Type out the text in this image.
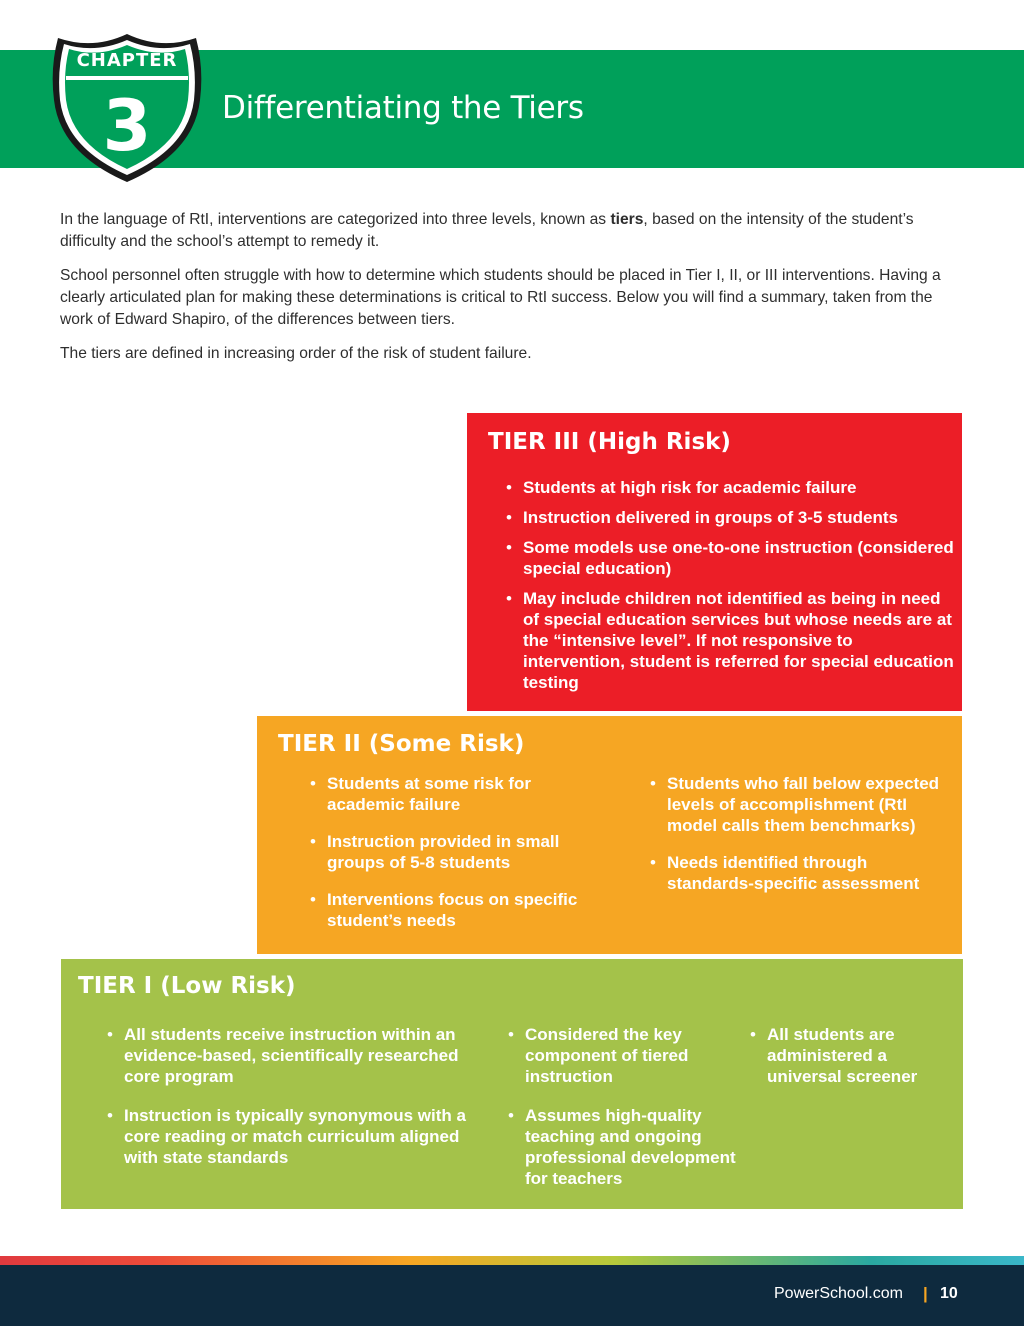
CHAPTER
3	Differentiating the Tiers

In the language of RtI, interventions are categorized into three levels, known as tiers, based on the intensity of the student’s difficulty and the school’s attempt to remedy it.

School personnel often struggle with how to determine which students should be placed in Tier I, II, or III interventions. Having a clearly articulated plan for making these determinations is critical to RtI success. Below you will find a summary, taken from the work of Edward Shapiro, of the differences between tiers.

The tiers are defined in increasing order of the risk of student failure.

TIER III (High Risk)
• Students at high risk for academic failure
• Instruction delivered in groups of 3-5 students
• Some models use one-to-one instruction (considered special education)
• May include children not identified as being in need of special education services but whose needs are at the “intensive level”. If not responsive to intervention, student is referred for special education testing
TIER II (Some Risk)
• Students at some risk for academic failure
• Instruction provided in small groups of 5-8 students
• Interventions focus on specific student’s needs
• Students who fall below expected levels of accomplishment (RtI model calls them benchmarks)
• Needs identified through standards-specific assessment
TIER I (Low Risk)
• All students receive instruction within an evidence-based, scientifically researched core program
• Instruction is typically synonymous with a core reading or match curriculum aligned with state standards
• Considered the key component of tiered instruction
• Assumes high-quality teaching and ongoing professional development for teachers
• All students are administered a universal screener
PowerSchool.com | 10
